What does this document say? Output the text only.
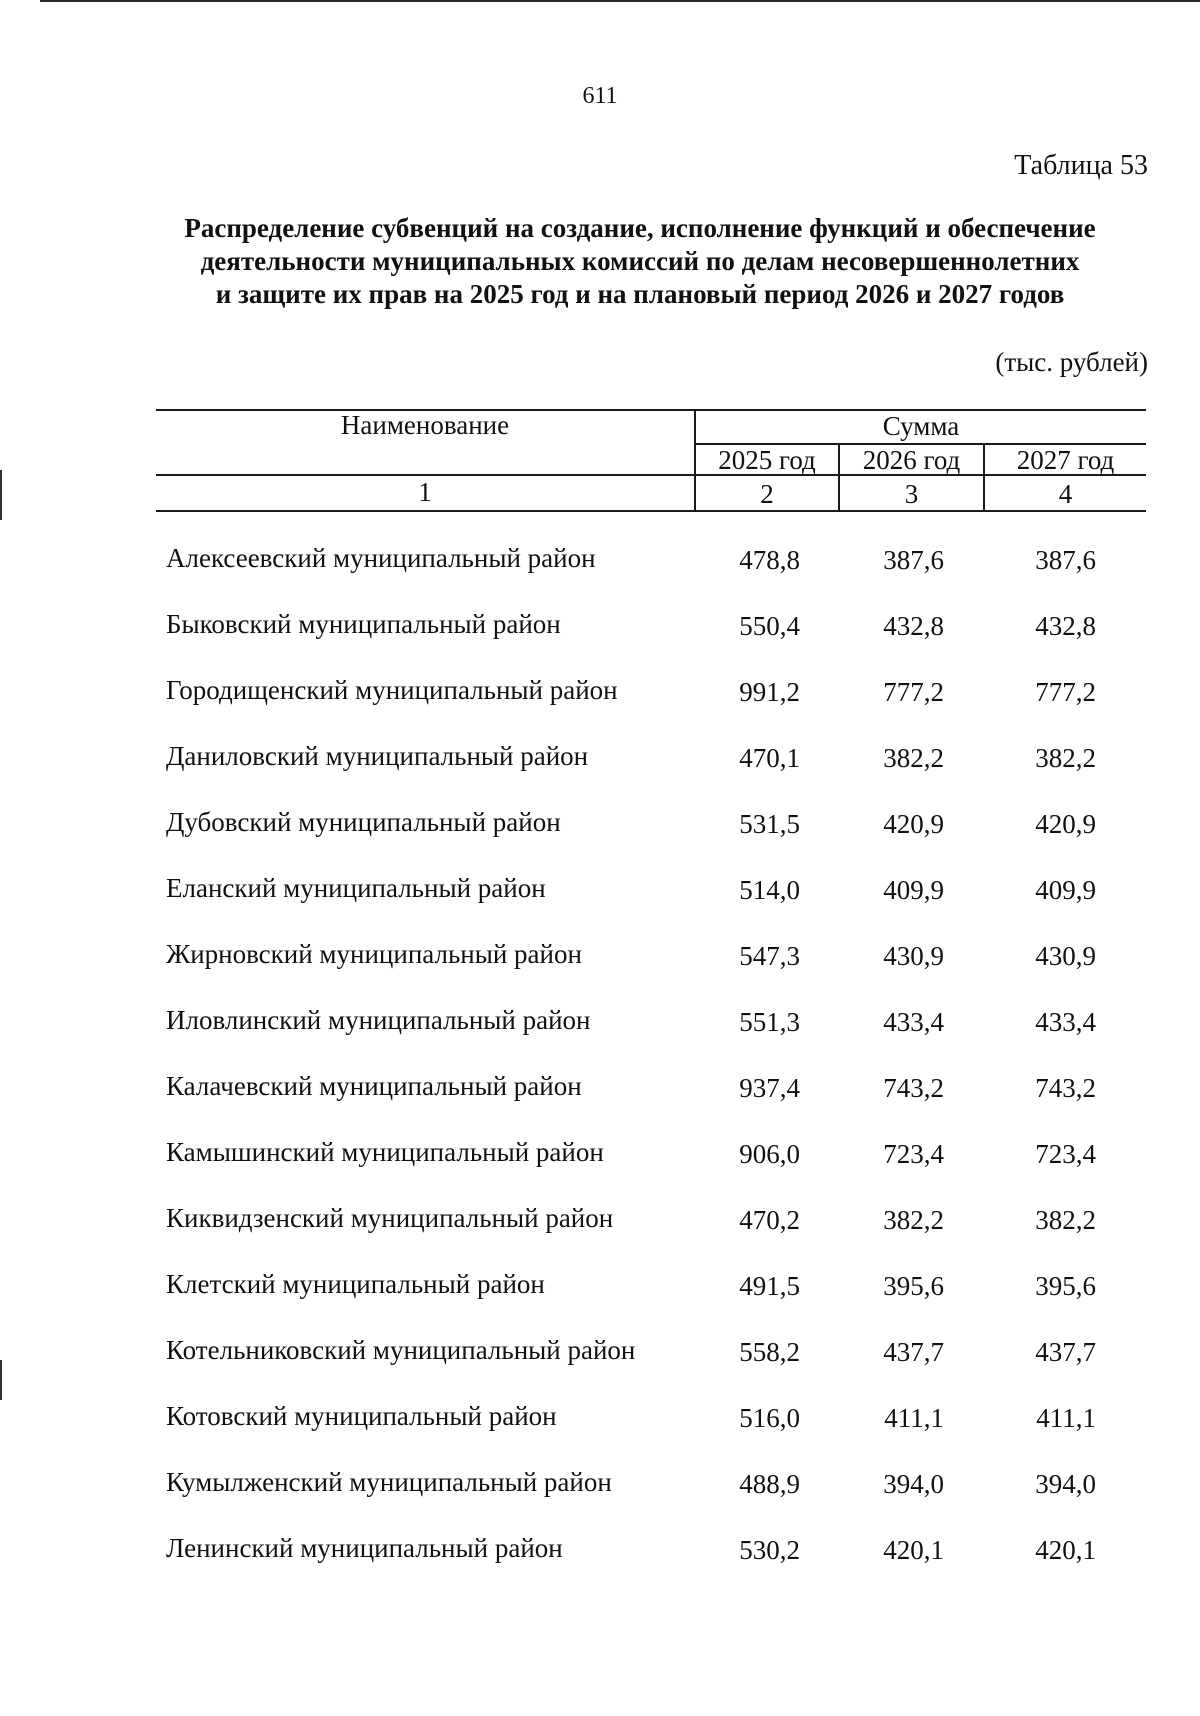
611
Таблица 53
Распределение субвенций на создание, исполнение функций и обеспечение
деятельности муниципальных комиссий по делам несовершеннолетних
и защите их прав на 2025 год и на плановый период 2026 и 2027 годов
(тыс. рублей)
Наименование	Сумма
2025 год	2026 год	2027 год
1	2	3	4
Алексеевский муниципальный район	478,8	387,6	387,6
Быковский муниципальный район	550,4	432,8	432,8
Городищенский муниципальный район	991,2	777,2	777,2
Даниловский муниципальный район	470,1	382,2	382,2
Дубовский муниципальный район	531,5	420,9	420,9
Еланский муниципальный район	514,0	409,9	409,9
Жирновский муниципальный район	547,3	430,9	430,9
Иловлинский муниципальный район	551,3	433,4	433,4
Калачевский муниципальный район	937,4	743,2	743,2
Камышинский муниципальный район	906,0	723,4	723,4
Киквидзенский муниципальный район	470,2	382,2	382,2
Клетский муниципальный район	491,5	395,6	395,6
Котельниковский муниципальный район	558,2	437,7	437,7
Котовский муниципальный район	516,0	411,1	411,1
Кумылженский муниципальный район	488,9	394,0	394,0
Ленинский муниципальный район	530,2	420,1	420,1
